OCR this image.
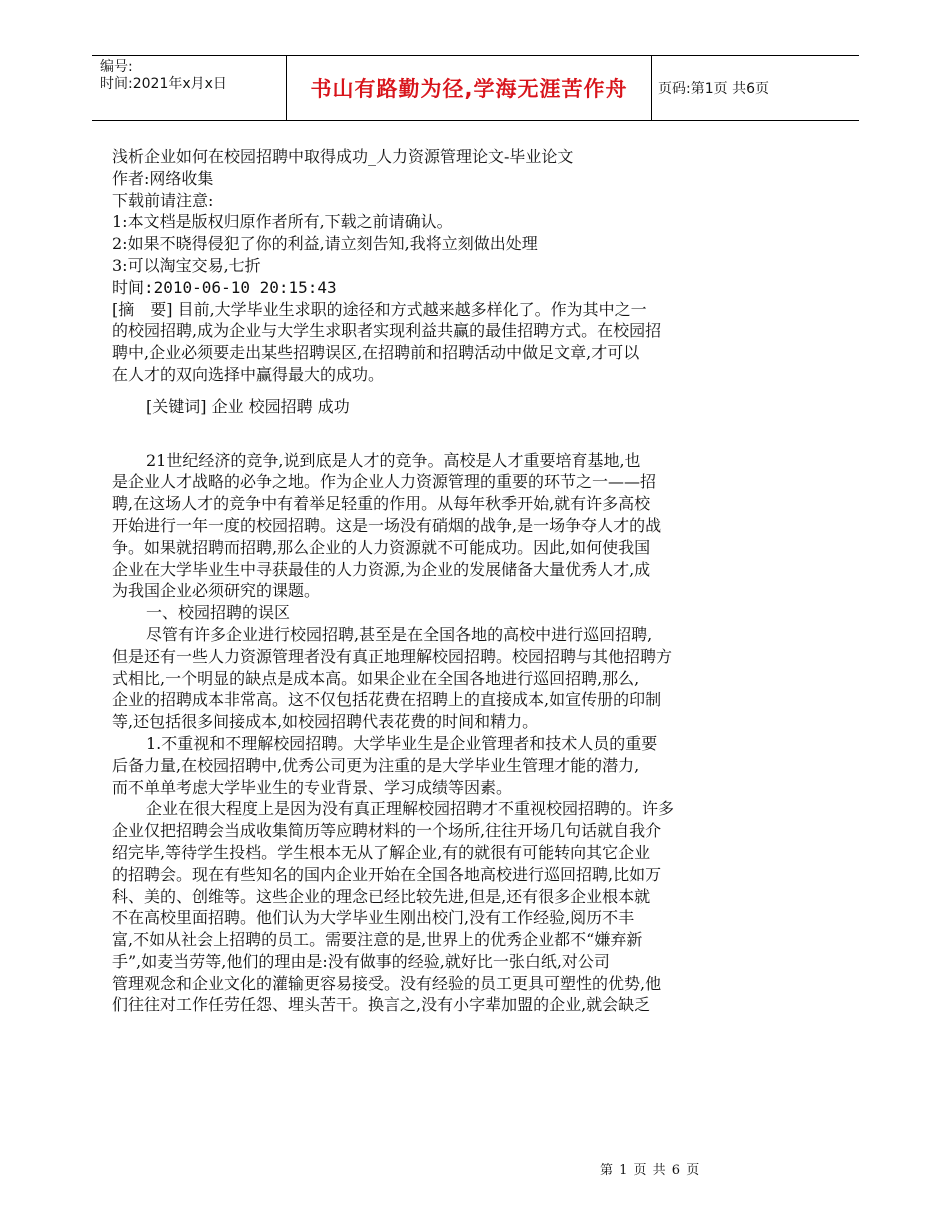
编号:
时间:2021年x月x日	书山有路勤为径,学海无涯苦作舟	页码:第1页 共6页
浅析企业如何在校园招聘中取得成功_人力资源管理论文-毕业论文
作者:网络收集
下载前请注意:
1:本文档是版权归原作者所有,下载之前请确认。
2:如果不晓得侵犯了你的利益,请立刻告知,我将立刻做出处理
3:可以淘宝交易,七折
时间:2010-06-10 20:15:43
[摘　要] 目前,大学毕业生求职的途径和方式越来越多样化了。作为其中之一
的校园招聘,成为企业与大学生求职者实现利益共赢的最佳招聘方式。在校园招
聘中,企业必须要走出某些招聘误区,在招聘前和招聘活动中做足文章,才可以
在人才的双向选择中赢得最大的成功。
[关键词] 企业 校园招聘 成功
21世纪经济的竞争,说到底是人才的竞争。高校是人才重要培育基地,也
是企业人才战略的必争之地。作为企业人力资源管理的重要的环节之一——招
聘,在这场人才的竞争中有着举足轻重的作用。从每年秋季开始,就有许多高校
开始进行一年一度的校园招聘。这是一场没有硝烟的战争,是一场争夺人才的战
争。如果就招聘而招聘,那么企业的人力资源就不可能成功。因此,如何使我国
企业在大学毕业生中寻获最佳的人力资源,为企业的发展储备大量优秀人才,成
为我国企业必须研究的课题。
一、校园招聘的误区
尽管有许多企业进行校园招聘,甚至是在全国各地的高校中进行巡回招聘,
但是还有一些人力资源管理者没有真正地理解校园招聘。校园招聘与其他招聘方
式相比,一个明显的缺点是成本高。如果企业在全国各地进行巡回招聘,那么,
企业的招聘成本非常高。这不仅包括花费在招聘上的直接成本,如宣传册的印制
等,还包括很多间接成本,如校园招聘代表花费的时间和精力。
1.不重视和不理解校园招聘。大学毕业生是企业管理者和技术人员的重要
后备力量,在校园招聘中,优秀公司更为注重的是大学毕业生管理才能的潜力,
而不单单考虑大学毕业生的专业背景、学习成绩等因素。
企业在很大程度上是因为没有真正理解校园招聘才不重视校园招聘的。许多
企业仅把招聘会当成收集简历等应聘材料的一个场所,往往开场几句话就自我介
绍完毕,等待学生投档。学生根本无从了解企业,有的就很有可能转向其它企业
的招聘会。现在有些知名的国内企业开始在全国各地高校进行巡回招聘,比如万
科、美的、创维等。这些企业的理念已经比较先进,但是,还有很多企业根本就
不在高校里面招聘。他们认为大学毕业生刚出校门,没有工作经验,阅历不丰
富,不如从社会上招聘的员工。需要注意的是,世界上的优秀企业都不“嫌弃新
手”,如麦当劳等,他们的理由是:没有做事的经验,就好比一张白纸,对公司
管理观念和企业文化的灌输更容易接受。没有经验的员工更具可塑性的优势,他
们往往对工作任劳任怨、埋头苦干。换言之,没有小字辈加盟的企业,就会缺乏
第 1 页 共 6 页
